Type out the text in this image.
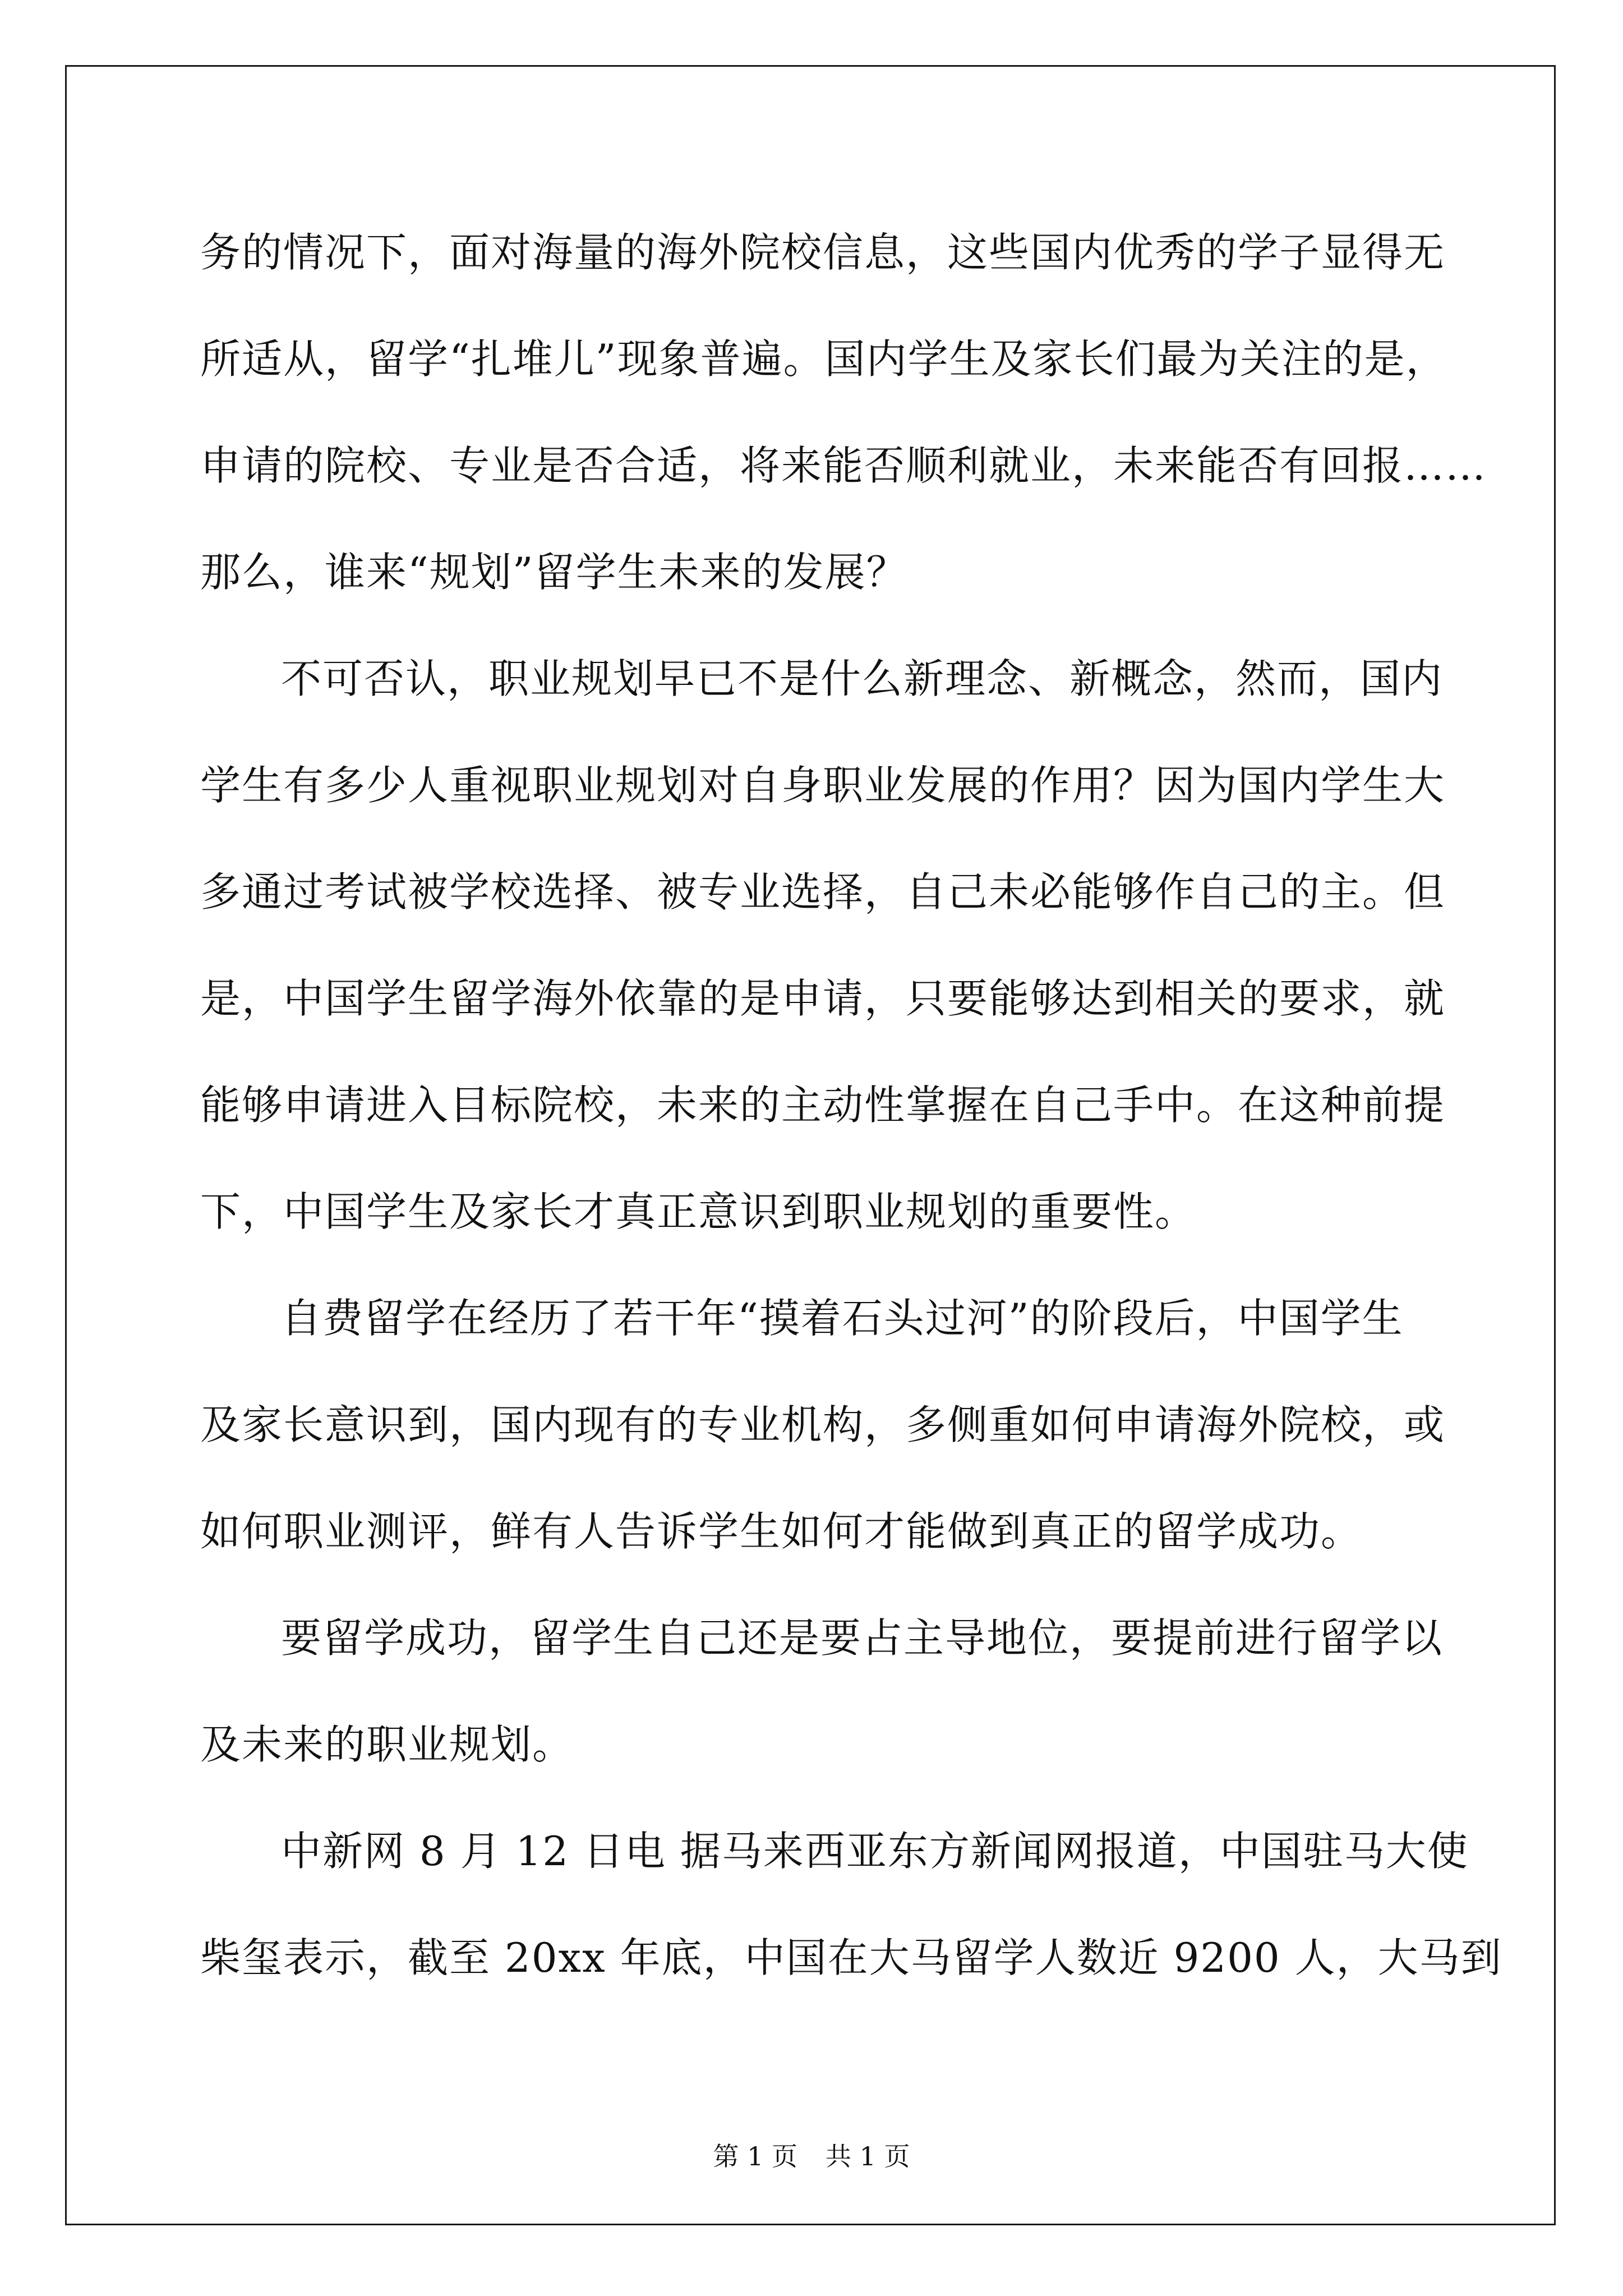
务的情况下，面对海量的海外院校信息，这些国内优秀的学子显得无
所适从，留学“扎堆儿”现象普遍。国内学生及家长们最为关注的是，
申请的院校、专业是否合适，将来能否顺利就业，未来能否有回报……
那么，谁来“规划”留学生未来的发展？
不可否认，职业规划早已不是什么新理念、新概念，然而，国内
学生有多少人重视职业规划对自身职业发展的作用？因为国内学生大
多通过考试被学校选择、被专业选择，自己未必能够作自己的主。但
是，中国学生留学海外依靠的是申请，只要能够达到相关的要求，就
能够申请进入目标院校，未来的主动性掌握在自己手中。在这种前提
下，中国学生及家长才真正意识到职业规划的重要性。
自费留学在经历了若干年“摸着石头过河”的阶段后，中国学生
及家长意识到，国内现有的专业机构，多侧重如何申请海外院校，或
如何职业测评，鲜有人告诉学生如何才能做到真正的留学成功。
要留学成功，留学生自己还是要占主导地位，要提前进行留学以
及未来的职业规划。
中新网 8 月 12 日电 据马来西亚东方新闻网报道，中国驻马大使
柴玺表示，截至 20xx 年底，中国在大马留学人数近 9200 人，大马到
第 1 页 共 1 页
